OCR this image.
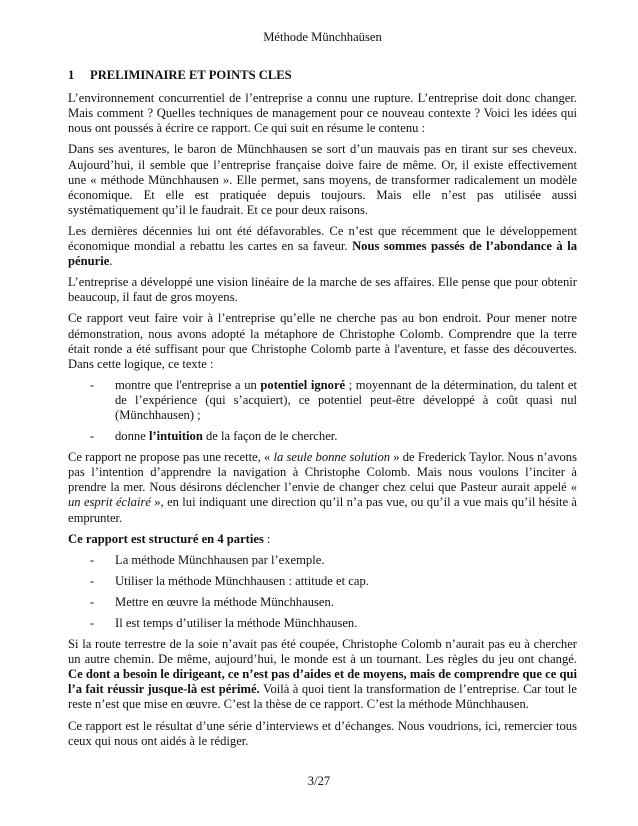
Méthode Münchhaüsen
1 PRELIMINAIRE ET POINTS CLES

L’environnement concurrentiel de l’entreprise a connu une rupture. L’entreprise doit donc changer. Mais comment ? Quelles techniques de management pour ce nouveau contexte ? Voici les idées qui nous ont poussés à écrire ce rapport. Ce qui suit en résume le contenu :

Dans ses aventures, le baron de Münchhausen se sort d’un mauvais pas en tirant sur ses cheveux. Aujourd’hui, il semble que l’entreprise française doive faire de même. Or, il existe effectivement une « méthode Münchhausen ». Elle permet, sans moyens, de transformer radicalement un modèle économique. Et elle est pratiquée depuis toujours. Mais elle n’est pas utilisée aussi systématiquement qu’il le faudrait. Et ce pour deux raisons.

Les dernières décennies lui ont été défavorables. Ce n’est que récemment que le développement économique mondial a rebattu les cartes en sa faveur. Nous sommes passés de l’abondance à la pénurie.

L’entreprise a développé une vision linéaire de la marche de ses affaires. Elle pense que pour obtenir beaucoup, il faut de gros moyens.

Ce rapport veut faire voir à l’entreprise qu’elle ne cherche pas au bon endroit. Pour mener notre démonstration, nous avons adopté la métaphore de Christophe Colomb. Comprendre que la terre était ronde a été suffisant pour que Christophe Colomb parte à l'aventure, et fasse des découvertes. Dans cette logique, ce texte :

- montre que l'entreprise a un potentiel ignoré ; moyennant de la détermination, du talent et de l’expérience (qui s’acquiert), ce potentiel peut-être développé à coût quasi nul (Münchhausen) ;
- donne l’intuition de la façon de le chercher.

Ce rapport ne propose pas une recette, « la seule bonne solution » de Frederick Taylor. Nous n’avons pas l’intention d’apprendre la navigation à Christophe Colomb. Mais nous voulons l’inciter à prendre la mer. Nous désirons déclencher l’envie de changer chez celui que Pasteur aurait appelé « un esprit éclairé », en lui indiquant une direction qu’il n’a pas vue, ou qu’il a vue mais qu’il hésite à emprunter.

Ce rapport est structuré en 4 parties :

- La méthode Münchhausen par l’exemple.
- Utiliser la méthode Münchhausen : attitude et cap.
- Mettre en œuvre la méthode Münchhausen.
- Il est temps d’utiliser la méthode Münchhausen.

Si la route terrestre de la soie n’avait pas été coupée, Christophe Colomb n’aurait pas eu à chercher un autre chemin. De même, aujourd’hui, le monde est à un tournant. Les règles du jeu ont changé. Ce dont a besoin le dirigeant, ce n’est pas d’aides et de moyens, mais de comprendre que ce qui l’a fait réussir jusque-là est périmé. Voilà à quoi tient la transformation de l’entreprise. Car tout le reste n’est que mise en œuvre. C’est la thèse de ce rapport. C’est la méthode Münchhausen.

Ce rapport est le résultat d’une série d’interviews et d’échanges. Nous voudrions, ici, remercier tous ceux qui nous ont aidés à le rédiger.

3/27
